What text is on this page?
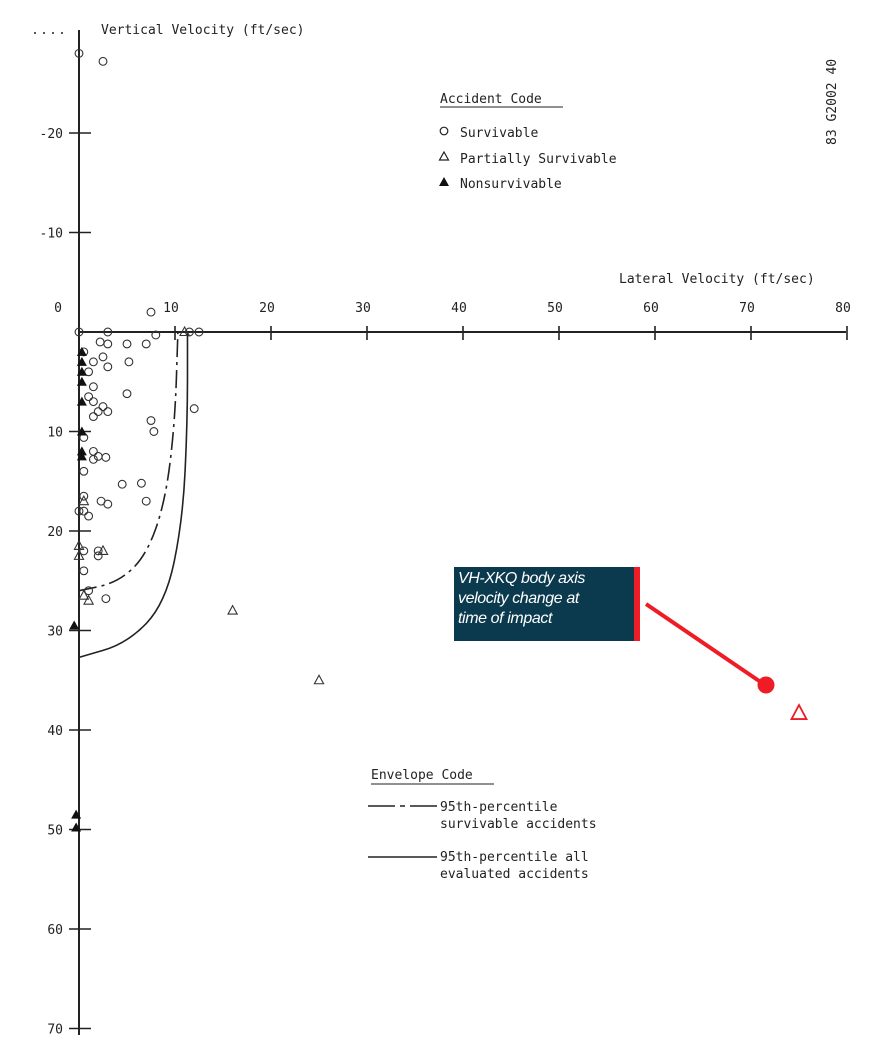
0	10	20	30	40	50	60	70	80
-20
-10
10
20
30
40
50
60
70
Vertical Velocity (ft/sec)
Lateral Velocity (ft/sec)
83 G2002 40
Accident Code
Survivable
Partially Survivable
Nonsurvivable
Envelope Code
95th-percentile
survivable accidents
95th-percentile all
evaluated accidents
VH-XKQ body axis
velocity change at
time of impact
